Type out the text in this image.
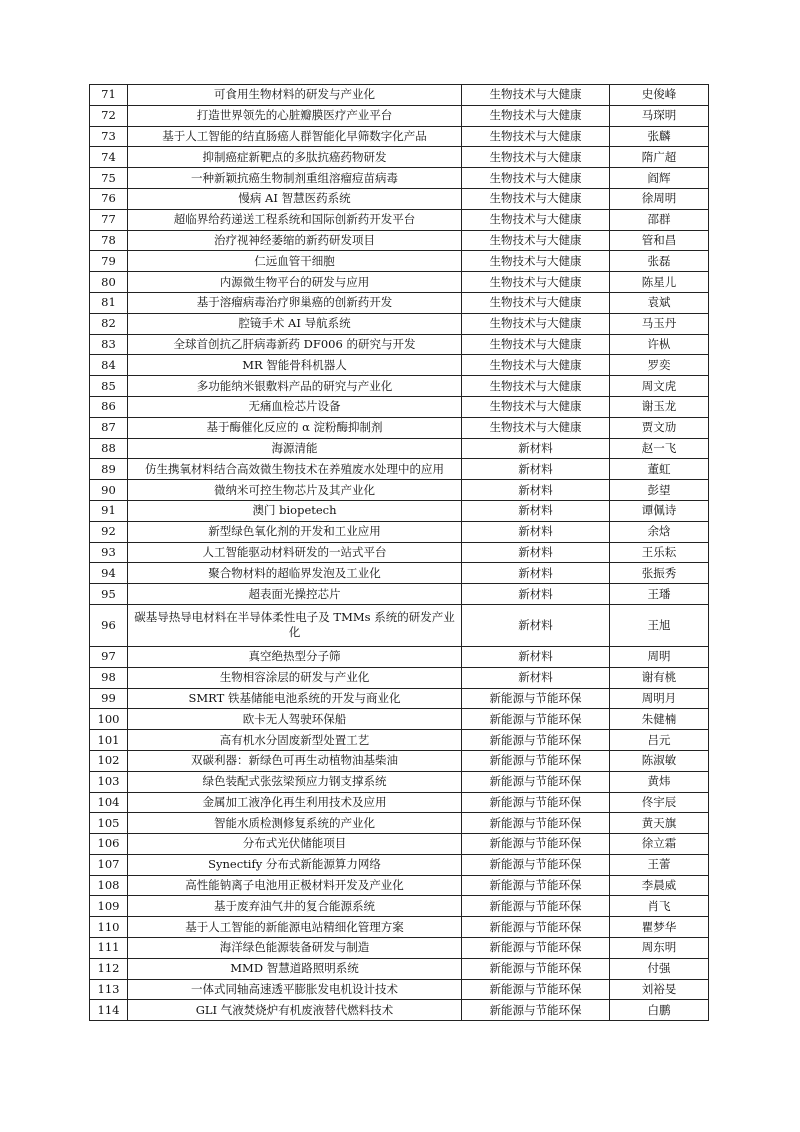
71	可食用生物材料的研发与产业化	生物技术与大健康	史俊峰
72	打造世界领先的心脏瓣膜医疗产业平台	生物技术与大健康	马琛明
73	基于人工智能的结直肠癌人群智能化早筛数字化产品	生物技术与大健康	张麟
74	抑制癌症新靶点的多肽抗癌药物研发	生物技术与大健康	隋广超
75	一种新颖抗癌生物制剂重组溶瘤痘苗病毒	生物技术与大健康	阎辉
76	慢病 AI 智慧医药系统	生物技术与大健康	徐周明
77	超临界给药递送工程系统和国际创新药开发平台	生物技术与大健康	邵群
78	治疗视神经萎缩的新药研发项目	生物技术与大健康	管和昌
79	仁远血管干细胞	生物技术与大健康	张磊
80	内源微生物平台的研发与应用	生物技术与大健康	陈星儿
81	基于溶瘤病毒治疗卵巢癌的创新药开发	生物技术与大健康	袁斌
82	腔镜手术 AI 导航系统	生物技术与大健康	马玉丹
83	全球首创抗乙肝病毒新药 DF006 的研究与开发	生物技术与大健康	许枞
84	MR 智能骨科机器人	生物技术与大健康	罗奕
85	多功能纳米银敷料产品的研究与产业化	生物技术与大健康	周文虎
86	无痛血检芯片设备	生物技术与大健康	谢玉龙
87	基于酶催化反应的 α 淀粉酶抑制剂	生物技术与大健康	贾文劢
88	海源清能	新材料	赵一飞
89	仿生携氧材料结合高效微生物技术在养殖废水处理中的应用	新材料	董虹
90	微纳米可控生物芯片及其产业化	新材料	彭望
91	澳门 biopetech	新材料	谭佩诗
92	新型绿色氧化剂的开发和工业应用	新材料	余焓
93	人工智能驱动材料研发的一站式平台	新材料	王乐耘
94	聚合物材料的超临界发泡及工业化	新材料	张振秀
95	超表面光操控芯片	新材料	王璠
96	碳基导热导电材料在半导体柔性电子及 TMMs 系统的研发产业化	新材料	王旭
97	真空绝热型分子筛	新材料	周明
98	生物相容涂层的研发与产业化	新材料	谢有桃
99	SMRT 铁基储能电池系统的开发与商业化	新能源与节能环保	周明月
100	欧卡无人驾驶环保船	新能源与节能环保	朱健楠
101	高有机水分固废新型处置工艺	新能源与节能环保	吕元
102	双碳利器：新绿色可再生动植物油基柴油	新能源与节能环保	陈淑敏
103	绿色装配式张弦梁预应力钢支撑系统	新能源与节能环保	黄炜
104	金属加工液净化再生利用技术及应用	新能源与节能环保	佟宇辰
105	智能水质检测修复系统的产业化	新能源与节能环保	黄天旗
106	分布式光伏储能项目	新能源与节能环保	徐立霜
107	Synectify 分布式新能源算力网络	新能源与节能环保	王蕾
108	高性能钠离子电池用正极材料开发及产业化	新能源与节能环保	李晨威
109	基于废弃油气井的复合能源系统	新能源与节能环保	肖飞
110	基于人工智能的新能源电站精细化管理方案	新能源与节能环保	瞿梦华
111	海洋绿色能源装备研发与制造	新能源与节能环保	周东明
112	MMD 智慧道路照明系统	新能源与节能环保	付强
113	一体式同轴高速透平膨胀发电机设计技术	新能源与节能环保	刘裕旻
114	GLI 气液焚烧炉有机废液替代燃料技术	新能源与节能环保	白鹏
